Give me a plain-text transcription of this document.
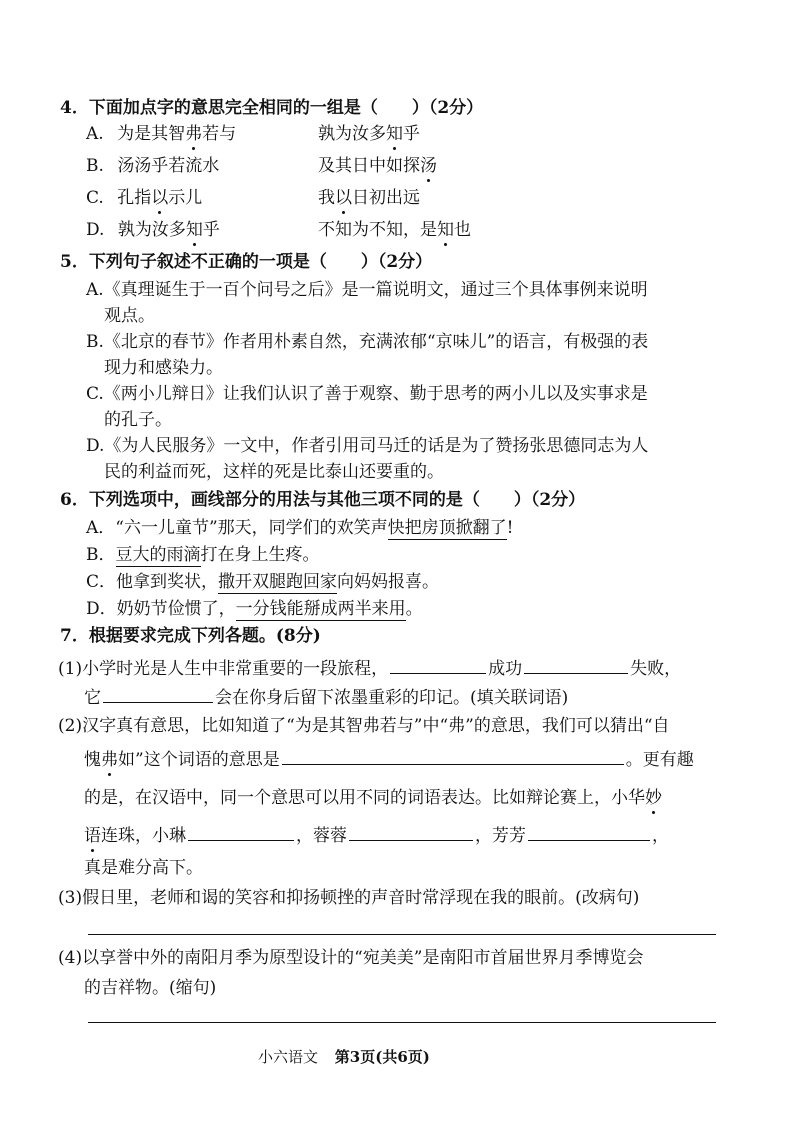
4．下面加点字的意思完全相同的一组是（　　）（2分）
A. 为是其智弗若与	孰为汝多知乎
B. 汤汤乎若流水	及其日中如探汤
C. 孔指以示儿	我以日初出远
D. 孰为汝多知乎	不知为不知，是知也
5．下列句子叙述不正确的一项是（　　）（2分）
A.《真理诞生于一百个问号之后》是一篇说明文，通过三个具体事例来说明
观点。
B.《北京的春节》作者用朴素自然，充满浓郁“京味儿”的语言，有极强的表
现力和感染力。
C.《两小儿辩日》让我们认识了善于观察、勤于思考的两小儿以及实事求是
的孔子。
D.《为人民服务》一文中，作者引用司马迁的话是为了赞扬张思德同志为人
民的利益而死，这样的死是比泰山还要重的。
6．下列选项中，画线部分的用法与其他三项不同的是（　　）（2分）
A．“六一儿童节”那天，同学们的欢笑声快把房顶掀翻了!
B．豆大的雨滴打在身上生疼。
C．他拿到奖状，撒开双腿跑回家向妈妈报喜。
D．奶奶节俭惯了，一分钱能掰成两半来用。
7．根据要求完成下列各题。(8分)
(1)小学时光是人生中非常重要的一段旅程，	成功	失败，
它	会在你身后留下浓墨重彩的印记。(填关联词语)
(2)汉字真有意思，比如知道了“为是其智弗若与”中“弗”的意思，我们可以猜出“自
愧弗如”这个词语的意思是	。更有趣
的是，在汉语中，同一个意思可以用不同的词语表达。比如辩论赛上，小华妙
语连珠，小琳	，蓉蓉	，芳芳	，
真是难分高下。
(3)假日里，老师和谒的笑容和抑扬顿挫的声音时常浮现在我的眼前。(改病句)
(4)以享誉中外的南阳月季为原型设计的“宛美美”是南阳市首届世界月季博览会
的吉祥物。(缩句)
小六语文 第3页(共6页)
